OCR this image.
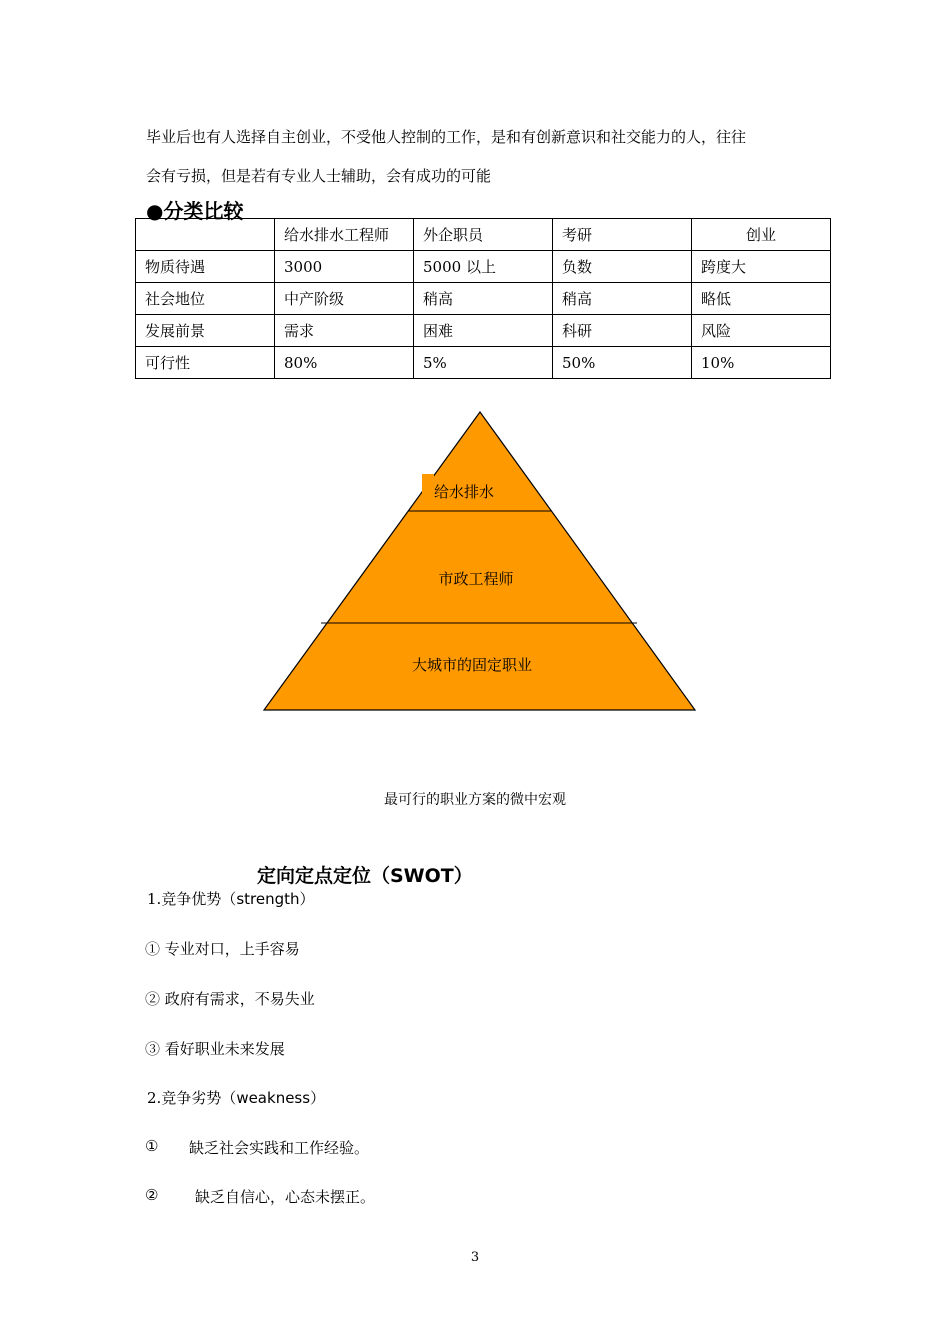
毕业后也有人选择自主创业，不受他人控制的工作，是和有创新意识和社交能力的人，往往
会有亏损，但是若有专业人士辅助，会有成功的可能
●分类比较
	给水排水工程师	外企职员	考研	创业
物质待遇	3000	5000 以上	负数	跨度大
社会地位	中产阶级	稍高	稍高	略低
发展前景	需求	困难	科研	风险
可行性	80%	5%	50%	10%
给水排水
市政工程师
大城市的固定职业
最可行的职业方案的微中宏观
定向定点定位（SWOT）
1.竞争优势（strength）
① 专业对口，上手容易
② 政府有需求，不易失业
③ 看好职业未来发展
2.竞争劣势（weakness）
① 缺乏社会实践和工作经验。
② 缺乏自信心，心态未摆正。
3
